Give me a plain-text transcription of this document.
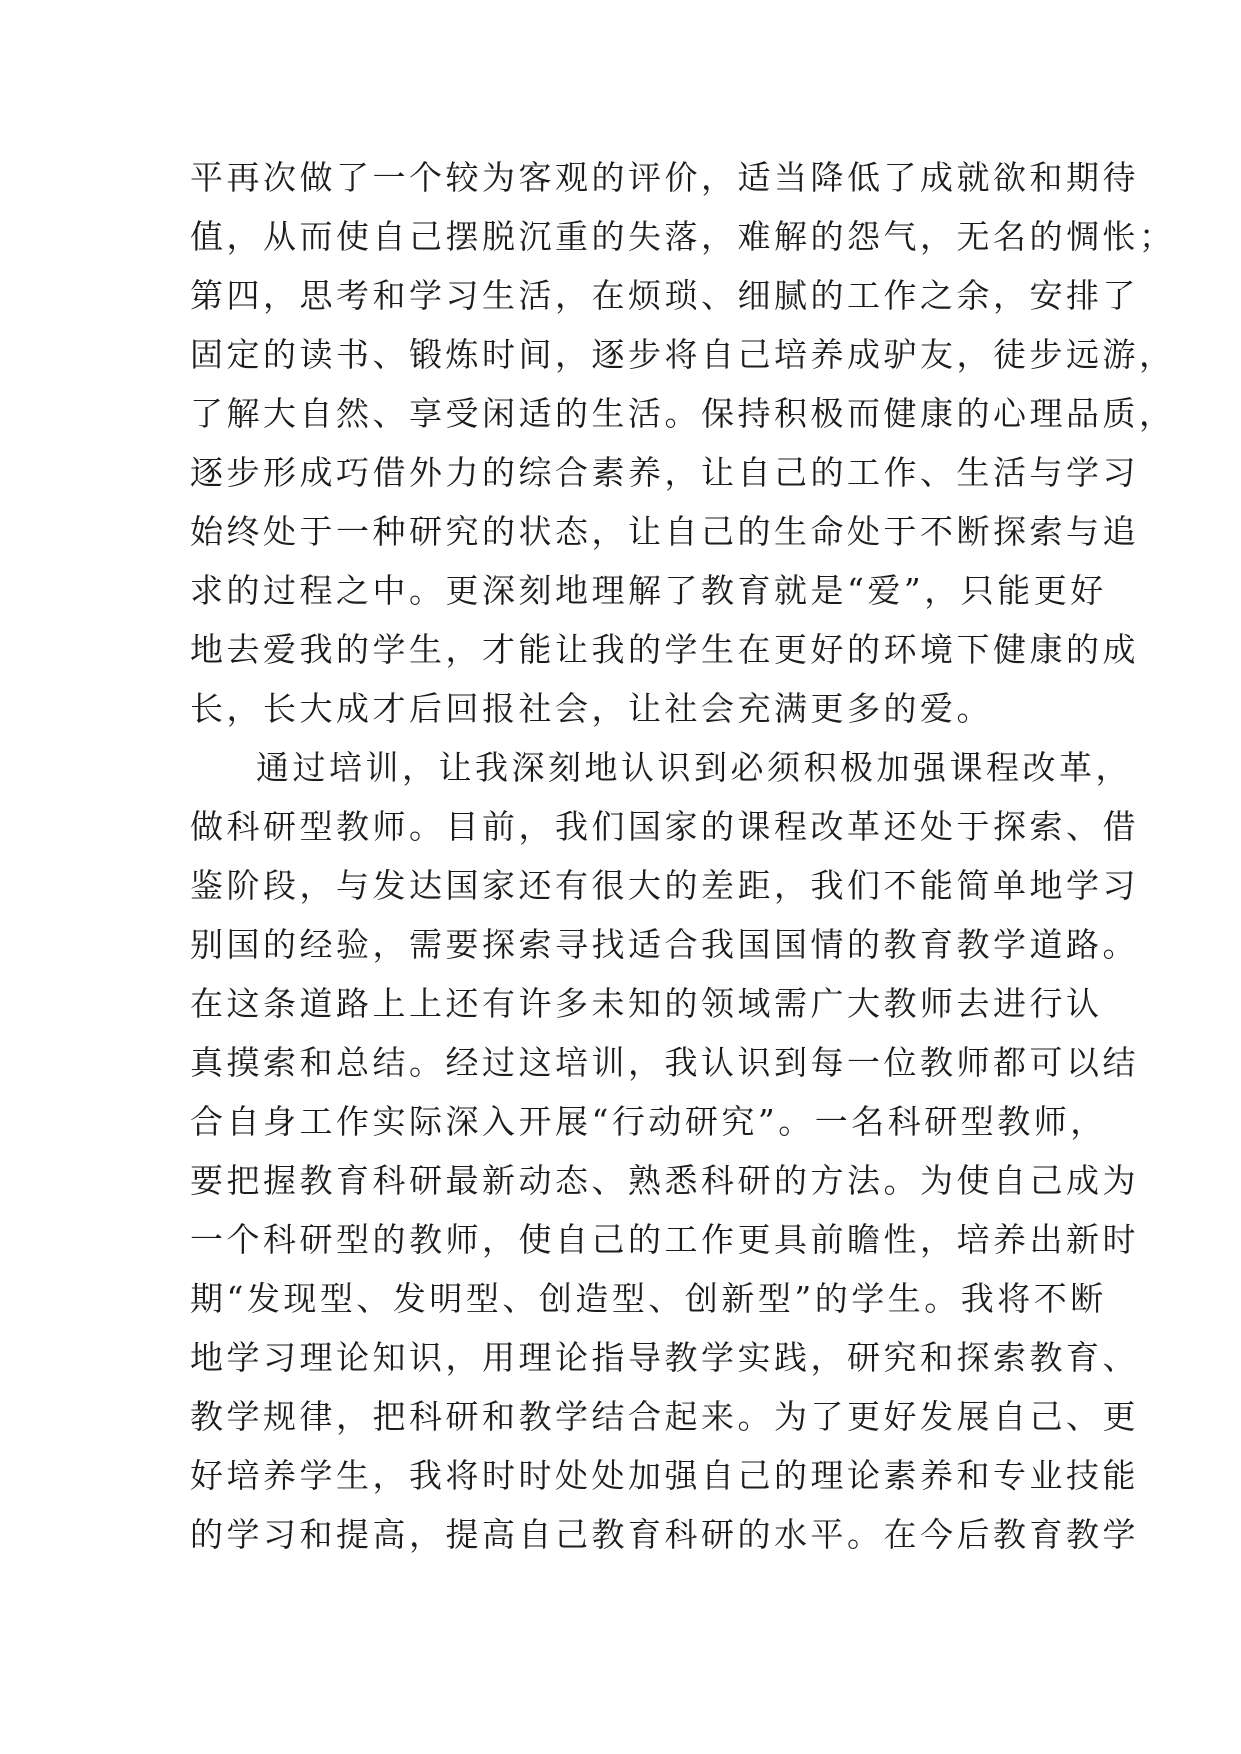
平再次做了一个较为客观的评价，适当降低了成就欲和期待
值，从而使自己摆脱沉重的失落，难解的怨气，无名的惆怅；
第四，思考和学习生活，在烦琐、细腻的工作之余，安排了
固定的读书、锻炼时间，逐步将自己培养成驴友，徒步远游，
了解大自然、享受闲适的生活。保持积极而健康的心理品质，
逐步形成巧借外力的综合素养，让自己的工作、生活与学习
始终处于一种研究的状态，让自己的生命处于不断探索与追
求的过程之中。更深刻地理解了教育就是“爱”，只能更好
地去爱我的学生，才能让我的学生在更好的环境下健康的成
长，长大成才后回报社会，让社会充满更多的爱。
通过培训，让我深刻地认识到必须积极加强课程改革，
做科研型教师。目前，我们国家的课程改革还处于探索、借
鉴阶段，与发达国家还有很大的差距，我们不能简单地学习
别国的经验，需要探索寻找适合我国国情的教育教学道路。
在这条道路上上还有许多未知的领域需广大教师去进行认
真摸索和总结。经过这培训，我认识到每一位教师都可以结
合自身工作实际深入开展“行动研究”。一名科研型教师，
要把握教育科研最新动态、熟悉科研的方法。为使自己成为
一个科研型的教师，使自己的工作更具前瞻性，培养出新时
期“发现型、发明型、创造型、创新型”的学生。我将不断
地学习理论知识，用理论指导教学实践，研究和探索教育、
教学规律，把科研和教学结合起来。为了更好发展自己、更
好培养学生，我将时时处处加强自己的理论素养和专业技能
的学习和提高，提高自己教育科研的水平。在今后教育教学
